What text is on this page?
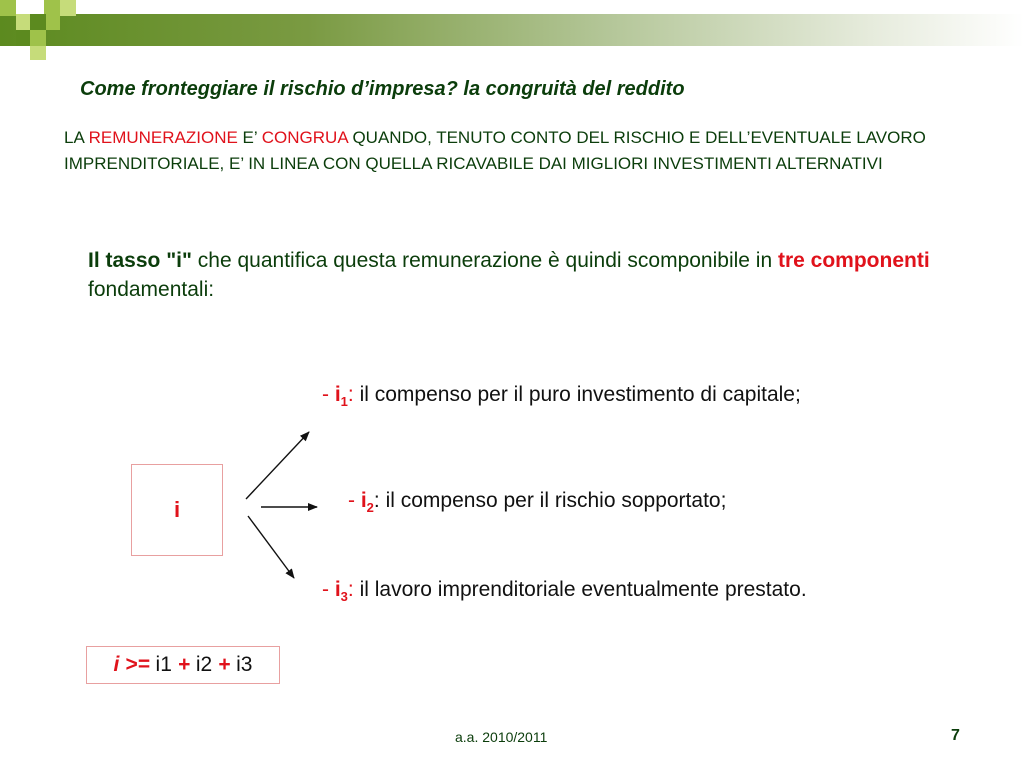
Come fronteggiare il rischio d’impresa? la congruità del reddito

LA REMUNERAZIONE E’ CONGRUA QUANDO, TENUTO CONTO DEL RISCHIO E DELL’EVENTUALE LAVORO IMPRENDITORIALE, E’ IN LINEA CON QUELLA RICAVABILE DAI MIGLIORI INVESTIMENTI ALTERNATIVI

Il tasso "i" che quantifica questa remunerazione è quindi scomponibile in tre componenti fondamentali:

i

- $i_1$: il compenso per il puro investimento di capitale;

- $i_2$: il compenso per il rischio sopportato;

- $i_3$: il lavoro imprenditoriale eventualmente prestato.

i >= i1 + i2 + i3

a.a. 2010/2011	7
